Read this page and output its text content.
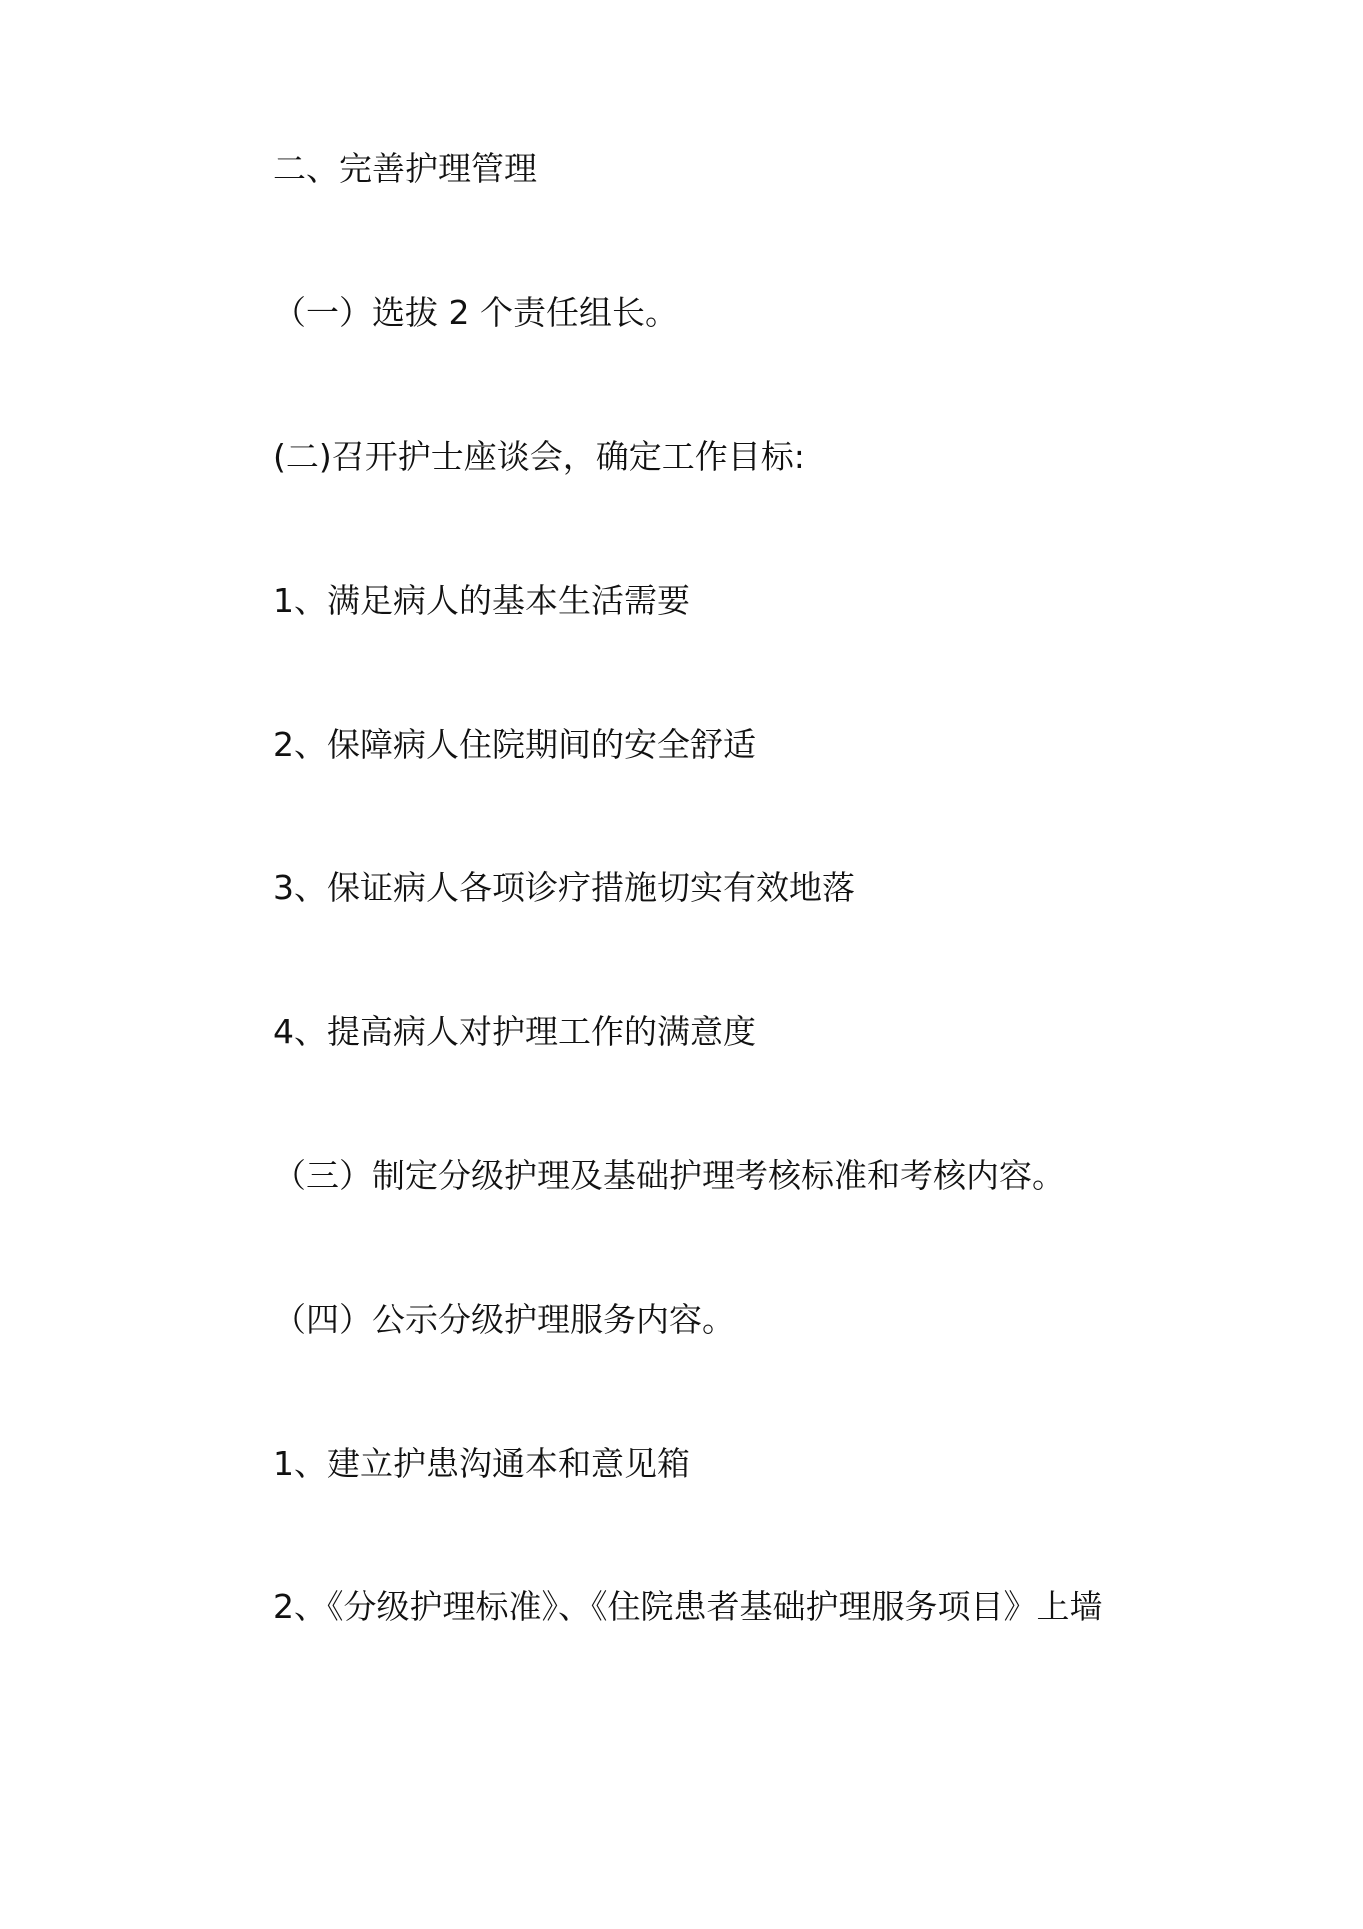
二、完善护理管理
（一）选拔 2 个责任组长。
(二)召开护士座谈会，确定工作目标:
1、满足病人的基本生活需要
2、保障病人住院期间的安全舒适
3、保证病人各项诊疗措施切实有效地落
4、提高病人对护理工作的满意度
（三）制定分级护理及基础护理考核标准和考核内容。
（四）公示分级护理服务内容。
1、建立护患沟通本和意见箱
2、《分级护理标准》、《住院患者基础护理服务项目》上墙
